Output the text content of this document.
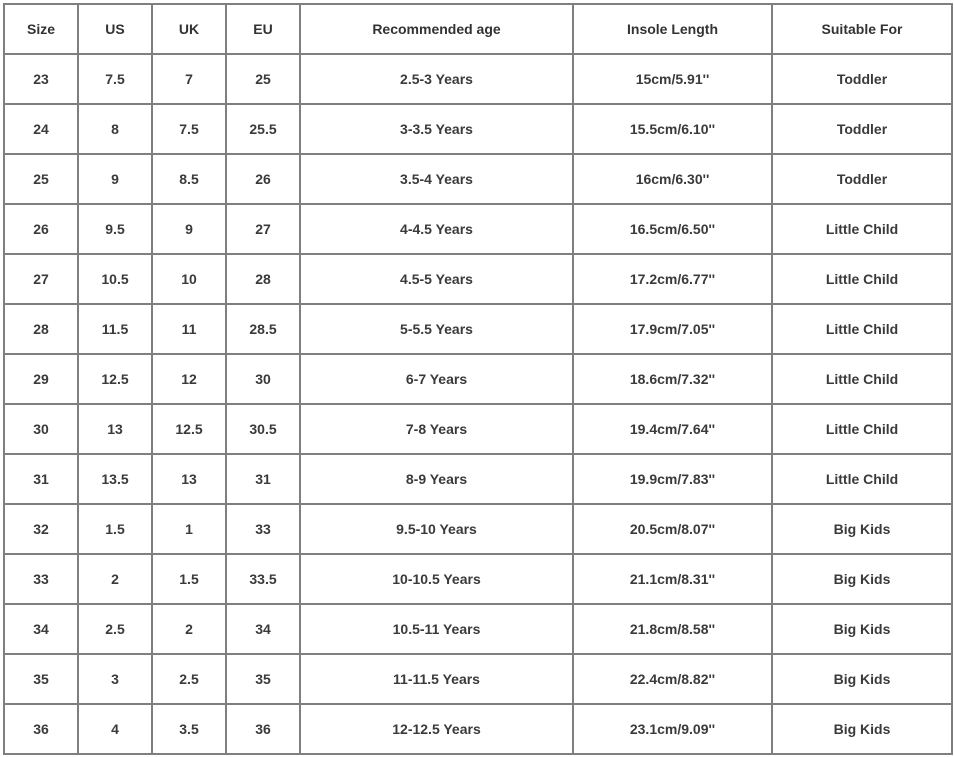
Size	US	UK	EU	Recommended age	Insole Length	Suitable For
23	7.5	7	25	2.5-3 Years	15cm/5.91''	Toddler
24	8	7.5	25.5	3-3.5 Years	15.5cm/6.10''	Toddler
25	9	8.5	26	3.5-4 Years	16cm/6.30''	Toddler
26	9.5	9	27	4-4.5 Years	16.5cm/6.50''	Little Child
27	10.5	10	28	4.5-5 Years	17.2cm/6.77''	Little Child
28	11.5	11	28.5	5-5.5 Years	17.9cm/7.05''	Little Child
29	12.5	12	30	6-7 Years	18.6cm/7.32''	Little Child
30	13	12.5	30.5	7-8 Years	19.4cm/7.64''	Little Child
31	13.5	13	31	8-9 Years	19.9cm/7.83''	Little Child
32	1.5	1	33	9.5-10 Years	20.5cm/8.07''	Big Kids
33	2	1.5	33.5	10-10.5 Years	21.1cm/8.31''	Big Kids
34	2.5	2	34	10.5-11 Years	21.8cm/8.58''	Big Kids
35	3	2.5	35	11-11.5 Years	22.4cm/8.82''	Big Kids
36	4	3.5	36	12-12.5 Years	23.1cm/9.09''	Big Kids
